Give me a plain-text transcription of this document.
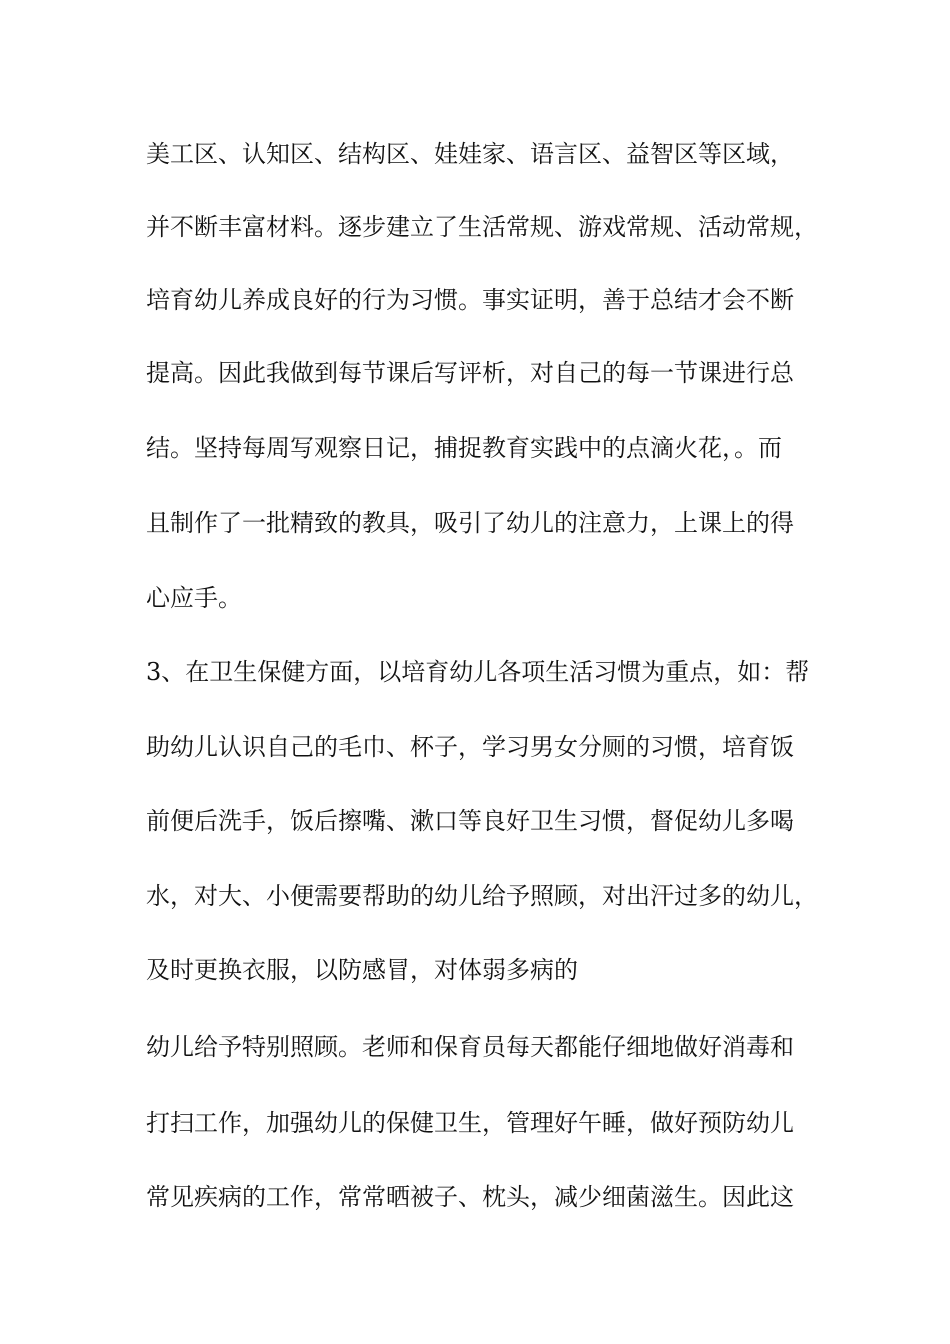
美工区、认知区、结构区、娃娃家、语言区、益智区等区域，

并不断丰富材料。逐步建立了生活常规、游戏常规、活动常规，

培育幼儿养成良好的行为习惯。事实证明，善于总结才会不断

提高。因此我做到每节课后写评析，对自己的每一节课进行总

结。坚持每周写观察日记，捕捉教育实践中的点滴火花，。而

且制作了一批精致的教具，吸引了幼儿的注意力，上课上的得

心应手。

3、在卫生保健方面，以培育幼儿各项生活习惯为重点，如：帮

助幼儿认识自己的毛巾、杯子，学习男女分厕的习惯，培育饭

前便后洗手，饭后擦嘴、漱口等良好卫生习惯，督促幼儿多喝

水，对大、小便需要帮助的幼儿给予照顾，对出汗过多的幼儿，

及时更换衣服，以防感冒，对体弱多病的

幼儿给予特别照顾。老师和保育员每天都能仔细地做好消毒和

打扫工作，加强幼儿的保健卫生，管理好午睡，做好预防幼儿

常见疾病的工作，常常晒被子、枕头，减少细菌滋生。因此这
